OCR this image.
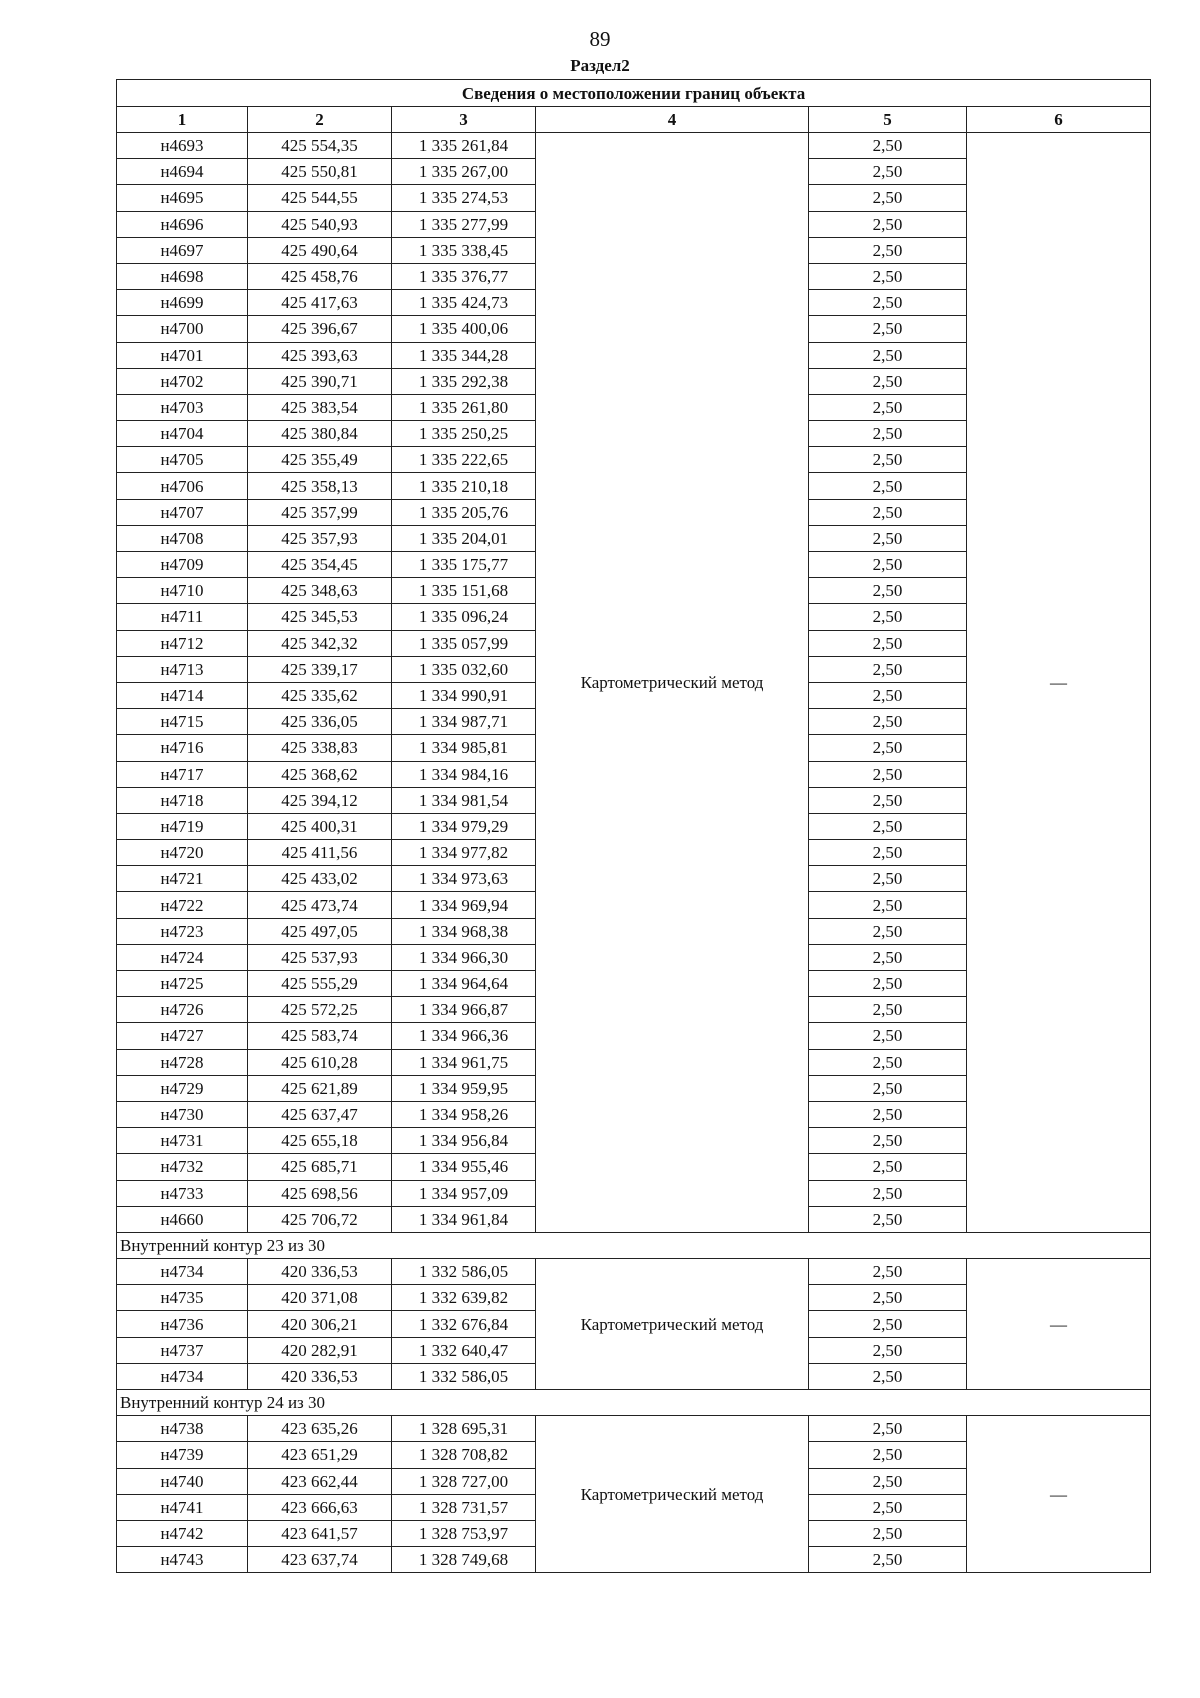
89
Раздел2
Сведения о местоположении границ объекта					
1	2	3	4	5	6
н4693	425 554,35	1 335 261,84	Картометрический метод	2,50	—
н4694	425 550,81	1 335 267,00		2,50	
н4695	425 544,55	1 335 274,53		2,50	
н4696	425 540,93	1 335 277,99		2,50	
н4697	425 490,64	1 335 338,45		2,50	
н4698	425 458,76	1 335 376,77		2,50	
н4699	425 417,63	1 335 424,73		2,50	
н4700	425 396,67	1 335 400,06		2,50	
н4701	425 393,63	1 335 344,28		2,50	
н4702	425 390,71	1 335 292,38		2,50	
н4703	425 383,54	1 335 261,80		2,50	
н4704	425 380,84	1 335 250,25		2,50	
н4705	425 355,49	1 335 222,65		2,50	
н4706	425 358,13	1 335 210,18		2,50	
н4707	425 357,99	1 335 205,76		2,50	
н4708	425 357,93	1 335 204,01		2,50	
н4709	425 354,45	1 335 175,77		2,50	
н4710	425 348,63	1 335 151,68		2,50	
н4711	425 345,53	1 335 096,24		2,50	
н4712	425 342,32	1 335 057,99		2,50	
н4713	425 339,17	1 335 032,60		2,50	
н4714	425 335,62	1 334 990,91		2,50	
н4715	425 336,05	1 334 987,71		2,50	
н4716	425 338,83	1 334 985,81		2,50	
н4717	425 368,62	1 334 984,16		2,50	
н4718	425 394,12	1 334 981,54		2,50	
н4719	425 400,31	1 334 979,29		2,50	
н4720	425 411,56	1 334 977,82		2,50	
н4721	425 433,02	1 334 973,63		2,50	
н4722	425 473,74	1 334 969,94		2,50	
н4723	425 497,05	1 334 968,38		2,50	
н4724	425 537,93	1 334 966,30		2,50	
н4725	425 555,29	1 334 964,64		2,50	
н4726	425 572,25	1 334 966,87		2,50	
н4727	425 583,74	1 334 966,36		2,50	
н4728	425 610,28	1 334 961,75		2,50	
н4729	425 621,89	1 334 959,95		2,50	
н4730	425 637,47	1 334 958,26		2,50	
н4731	425 655,18	1 334 956,84		2,50	
н4732	425 685,71	1 334 955,46		2,50	
н4733	425 698,56	1 334 957,09		2,50	
н4660	425 706,72	1 334 961,84		2,50	
Внутренний контур 23 из 30					
н4734	420 336,53	1 332 586,05	Картометрический метод	2,50	—
н4735	420 371,08	1 332 639,82		2,50	
н4736	420 306,21	1 332 676,84		2,50	
н4737	420 282,91	1 332 640,47		2,50	
н4734	420 336,53	1 332 586,05		2,50	
Внутренний контур 24 из 30					
н4738	423 635,26	1 328 695,31	Картометрический метод	2,50	—
н4739	423 651,29	1 328 708,82		2,50	
н4740	423 662,44	1 328 727,00		2,50	
н4741	423 666,63	1 328 731,57		2,50	
н4742	423 641,57	1 328 753,97		2,50	
н4743	423 637,74	1 328 749,68		2,50	
